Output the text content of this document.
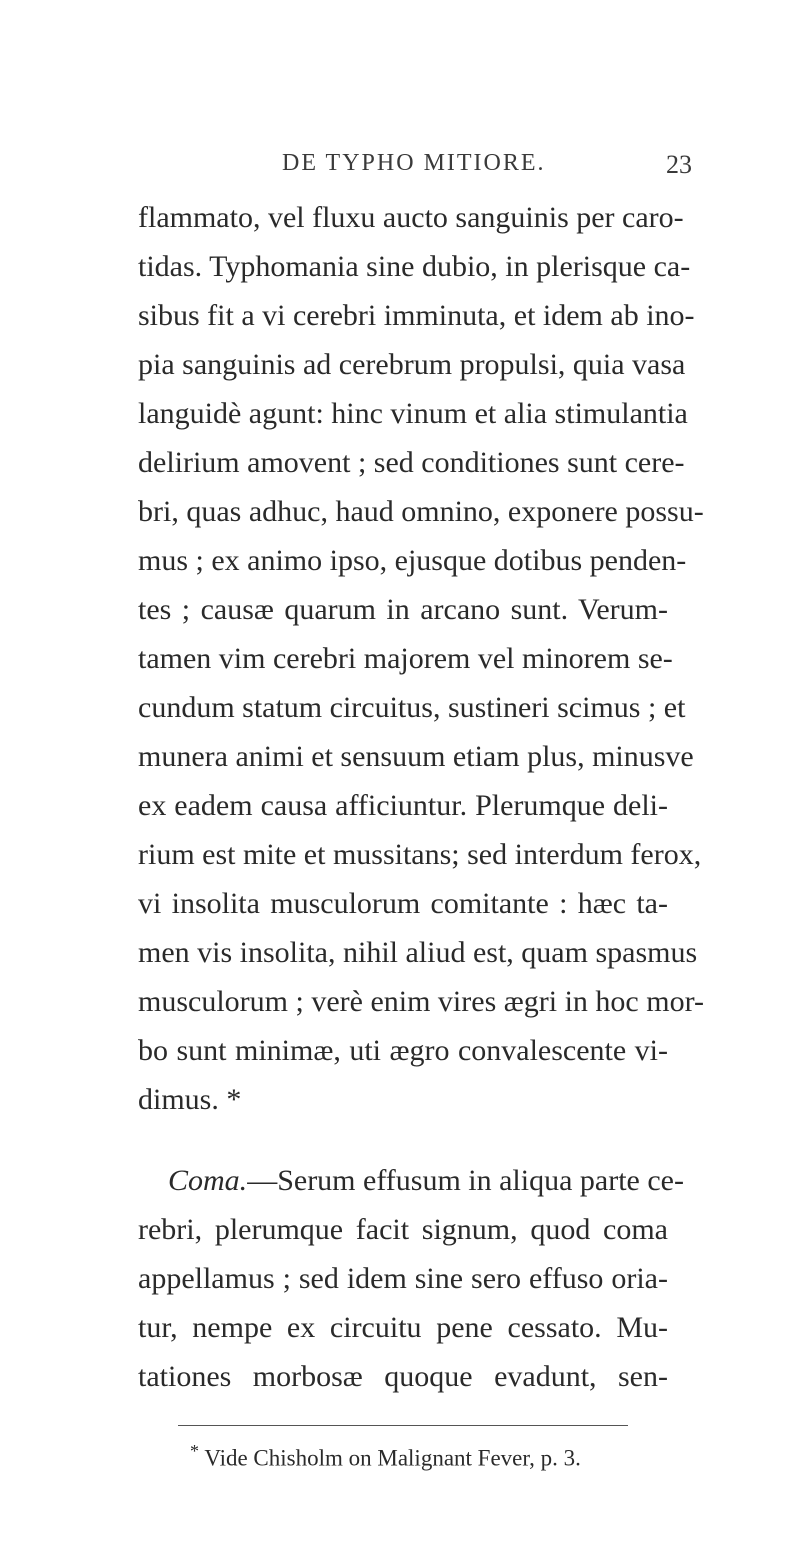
DE TYPHO MITIORE.	23
flammato, vel fluxu aucto sanguinis per caro-
tidas. Typhomania sine dubio, in plerisque ca-
sibus fit a vi cerebri imminuta, et idem ab ino-
pia sanguinis ad cerebrum propulsi, quia vasa
languidè agunt: hinc vinum et alia stimulantia
delirium amovent ; sed conditiones sunt cere-
bri, quas adhuc, haud omnino, exponere possu-
mus ; ex animo ipso, ejusque dotibus penden-
tes ; causæ quarum in arcano sunt. Verum-
tamen vim cerebri majorem vel minorem se-
cundum statum circuitus, sustineri scimus ; et
munera animi et sensuum etiam plus, minusve
ex eadem causa afficiuntur. Plerumque deli-
rium est mite et mussitans; sed interdum ferox,
vi insolita musculorum comitante : hæc ta-
men vis insolita, nihil aliud est, quam spasmus
musculorum ; verè enim vires ægri in hoc mor-
bo sunt minimæ, uti ægro convalescente vi-
dimus. *
Coma.—Serum effusum in aliqua parte ce-
rebri, plerumque facit signum, quod coma
appellamus ; sed idem sine sero effuso oria-
tur, nempe ex circuitu pene cessato. Mu-
tationes morbosæ quoque evadunt, sen-
* Vide Chisholm on Malignant Fever, p. 3.
